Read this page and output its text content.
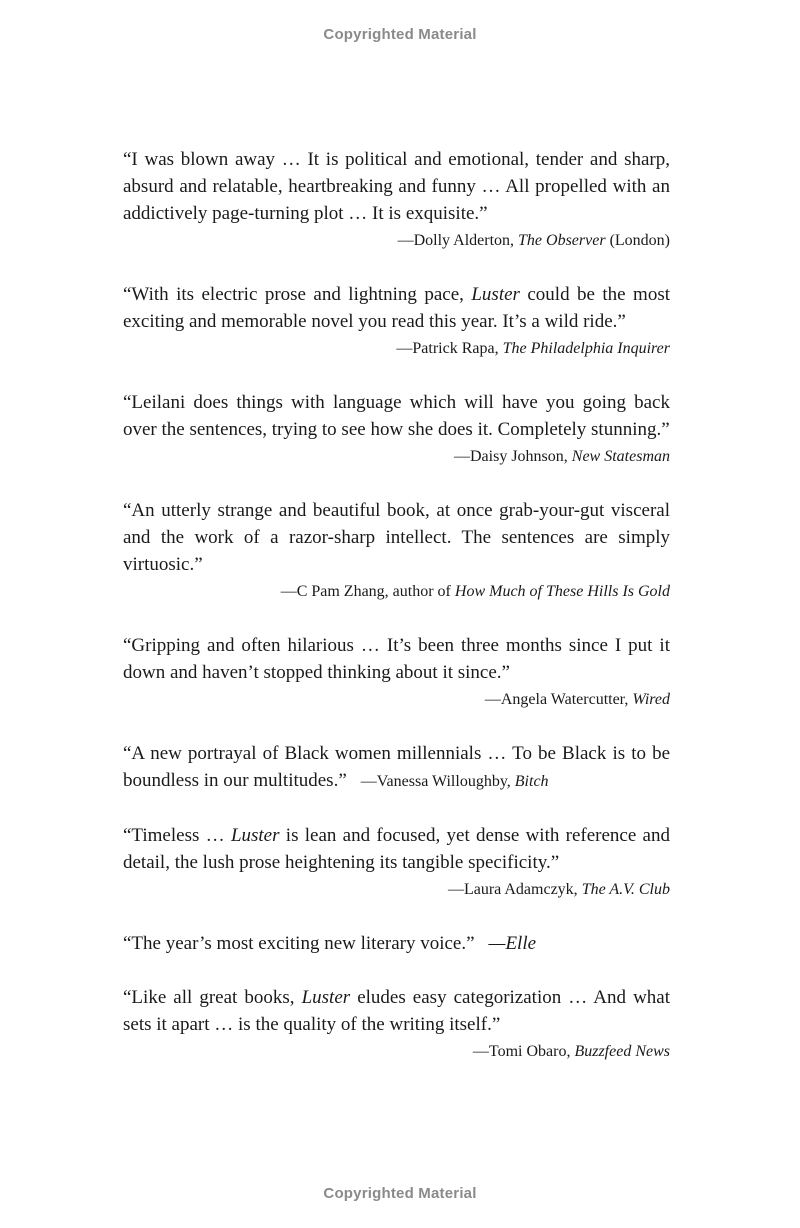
Copyrighted Material

“I was blown away … It is political and emotional, tender and sharp, absurd and relatable, heartbreaking and funny … All propelled with an addictively page-turning plot … It is exquisite.”

—Dolly Alderton, The Observer (London)

“With its electric prose and lightning pace, Luster could be the most exciting and memorable novel you read this year. It’s a wild ride.”

—Patrick Rapa, The Philadelphia Inquirer

“Leilani does things with language which will have you going back over the sentences, trying to see how she does it. Completely stunning.”

—Daisy Johnson, New Statesman

“An utterly strange and beautiful book, at once grab-your-gut visceral and the work of a razor-sharp intellect. The sentences are simply virtuosic.”

—C Pam Zhang, author of How Much of These Hills Is Gold

“Gripping and often hilarious … It’s been three months since I put it down and haven’t stopped thinking about it since.”

—Angela Watercutter, Wired

“A new portrayal of Black women millennials … To be Black is to be boundless in our multitudes.” —Vanessa Willoughby, Bitch

“Timeless … Luster is lean and focused, yet dense with reference and detail, the lush prose heightening its tangible specificity.”

—Laura Adamczyk, The A.V. Club

“The year’s most exciting new literary voice.” —Elle

“Like all great books, Luster eludes easy categorization … And what sets it apart … is the quality of the writing itself.”

—Tomi Obaro, Buzzfeed News

Copyrighted Material
